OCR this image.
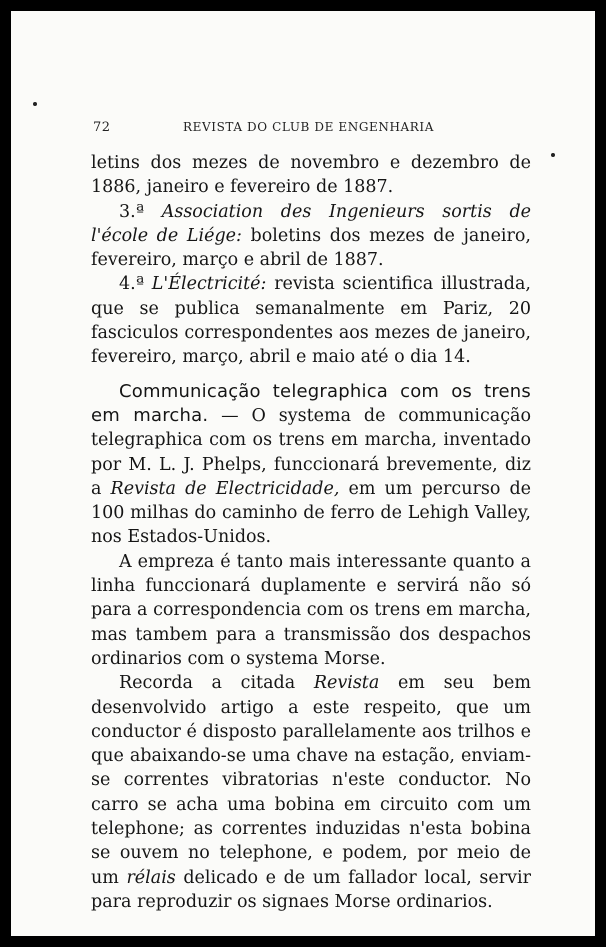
72	REVISTA DO CLUB DE ENGENHARIA

letins dos mezes de novembro e dezembro de 1886, janeiro e fevereiro de 1887.

3.ª Association des Ingenieurs sortis de l'école de Liége: boletins dos mezes de janeiro, fevereiro, março e abril de 1887.

4.ª L'Électricité: revista scientifica illustrada, que se publica semanalmente em Pariz, 20 fasciculos correspondentes aos mezes de janeiro, fevereiro, março, abril e maio até o dia 14.

Communicação telegraphica com os trens em marcha. — O systema de communicação telegraphica com os trens em marcha, inventado por M. L. J. Phelps, funccionará brevemente, diz a Revista de Electricidade, em um percurso de 100 milhas do caminho de ferro de Lehigh Valley, nos Estados-Unidos.

A empreza é tanto mais interessante quanto a linha funccionará duplamente e servirá não só para a correspondencia com os trens em marcha, mas tambem para a transmissão dos despachos ordinarios com o systema Morse.

Recorda a citada Revista em seu bem desenvolvido artigo a este respeito, que um conductor é disposto parallelamente aos trilhos e que abaixando-se uma chave na estação, enviam-se correntes vibratorias n'este conductor. No carro se acha uma bobina em circuito com um telephone; as correntes induzidas n'esta bobina se ouvem no telephone, e podem, por meio de um rélais delicado e de um fallador local, servir para reproduzir os signaes Morse ordinarios.
